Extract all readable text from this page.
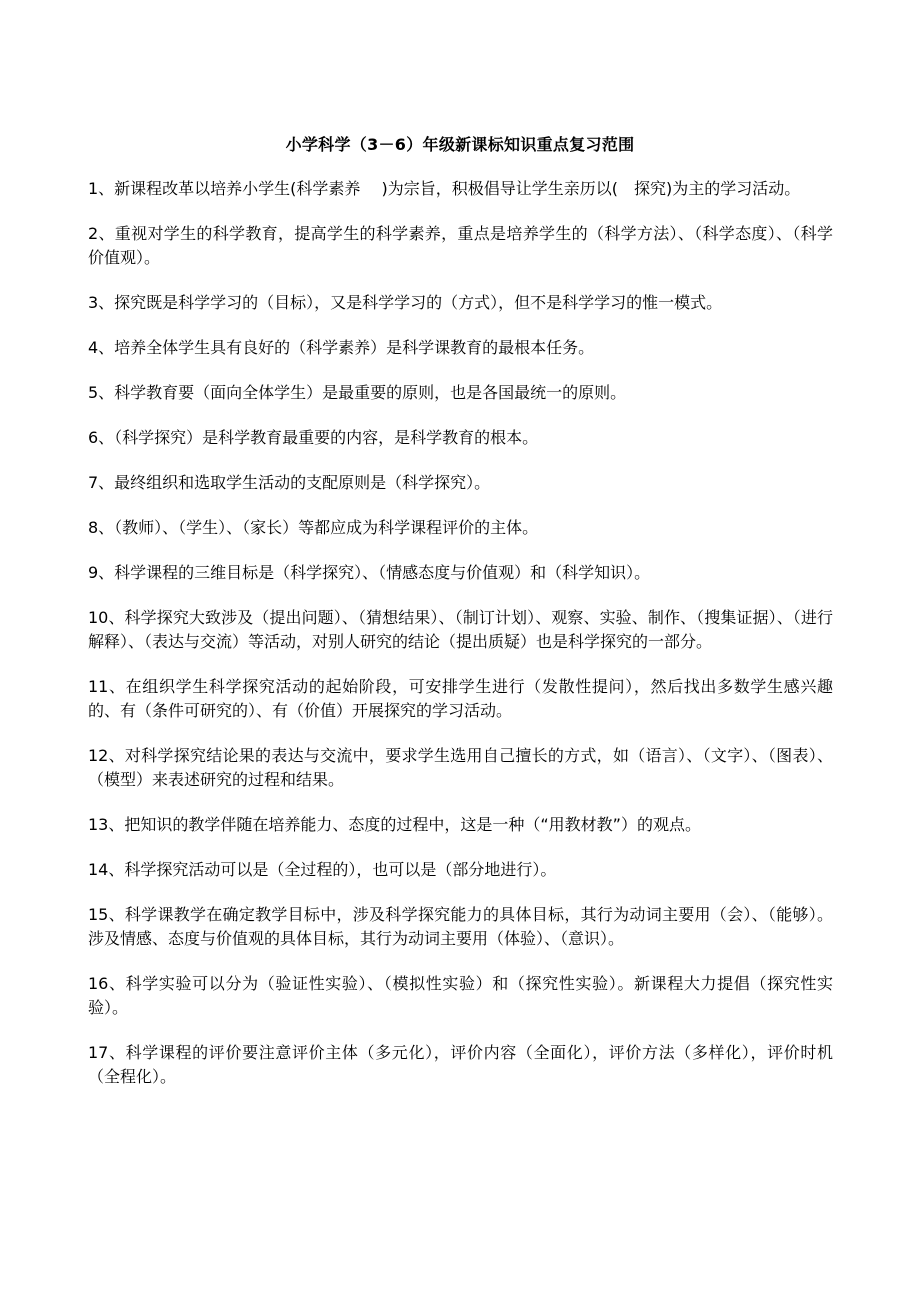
小学科学（3－6）年级新课标知识重点复习范围

1、新课程改革以培养小学生(科学素养　 )为宗旨，积极倡导让学生亲历以(　探究)为主的学习活动。

2、重视对学生的科学教育，提高学生的科学素养，重点是培养学生的（科学方法）、（科学态度）、（科学价值观）。

3、探究既是科学学习的（目标），又是科学学习的（方式），但不是科学学习的惟一模式。

4、培养全体学生具有良好的（科学素养）是科学课教育的最根本任务。

5、科学教育要（面向全体学生）是最重要的原则，也是各国最统一的原则。

6、（科学探究）是科学教育最重要的内容，是科学教育的根本。

7、最终组织和选取学生活动的支配原则是（科学探究）。

8、（教师）、（学生）、（家长）等都应成为科学课程评价的主体。

9、科学课程的三维目标是（科学探究）、（情感态度与价值观）和（科学知识）。

10、科学探究大致涉及（提出问题）、（猜想结果）、（制订计划）、观察、实验、制作、（搜集证据）、（进行解释）、（表达与交流）等活动，对别人研究的结论（提出质疑）也是科学探究的一部分。

11、在组织学生科学探究活动的起始阶段，可安排学生进行（发散性提问），然后找出多数学生感兴趣的、有（条件可研究的）、有（价值）开展探究的学习活动。

12、对科学探究结论果的表达与交流中，要求学生选用自己擅长的方式，如（语言）、（文字）、（图表）、（模型）来表述研究的过程和结果。

13、把知识的教学伴随在培养能力、态度的过程中，这是一种（“用教材教”）的观点。

14、科学探究活动可以是（全过程的），也可以是（部分地进行）。

15、科学课教学在确定教学目标中，涉及科学探究能力的具体目标，其行为动词主要用（会）、（能够）。涉及情感、态度与价值观的具体目标，其行为动词主要用（体验）、（意识）。

16、科学实验可以分为（验证性实验）、（模拟性实验）和（探究性实验）。新课程大力提倡（探究性实验）。

17、科学课程的评价要注意评价主体（多元化），评价内容（全面化），评价方法（多样化），评价时机（全程化）。
